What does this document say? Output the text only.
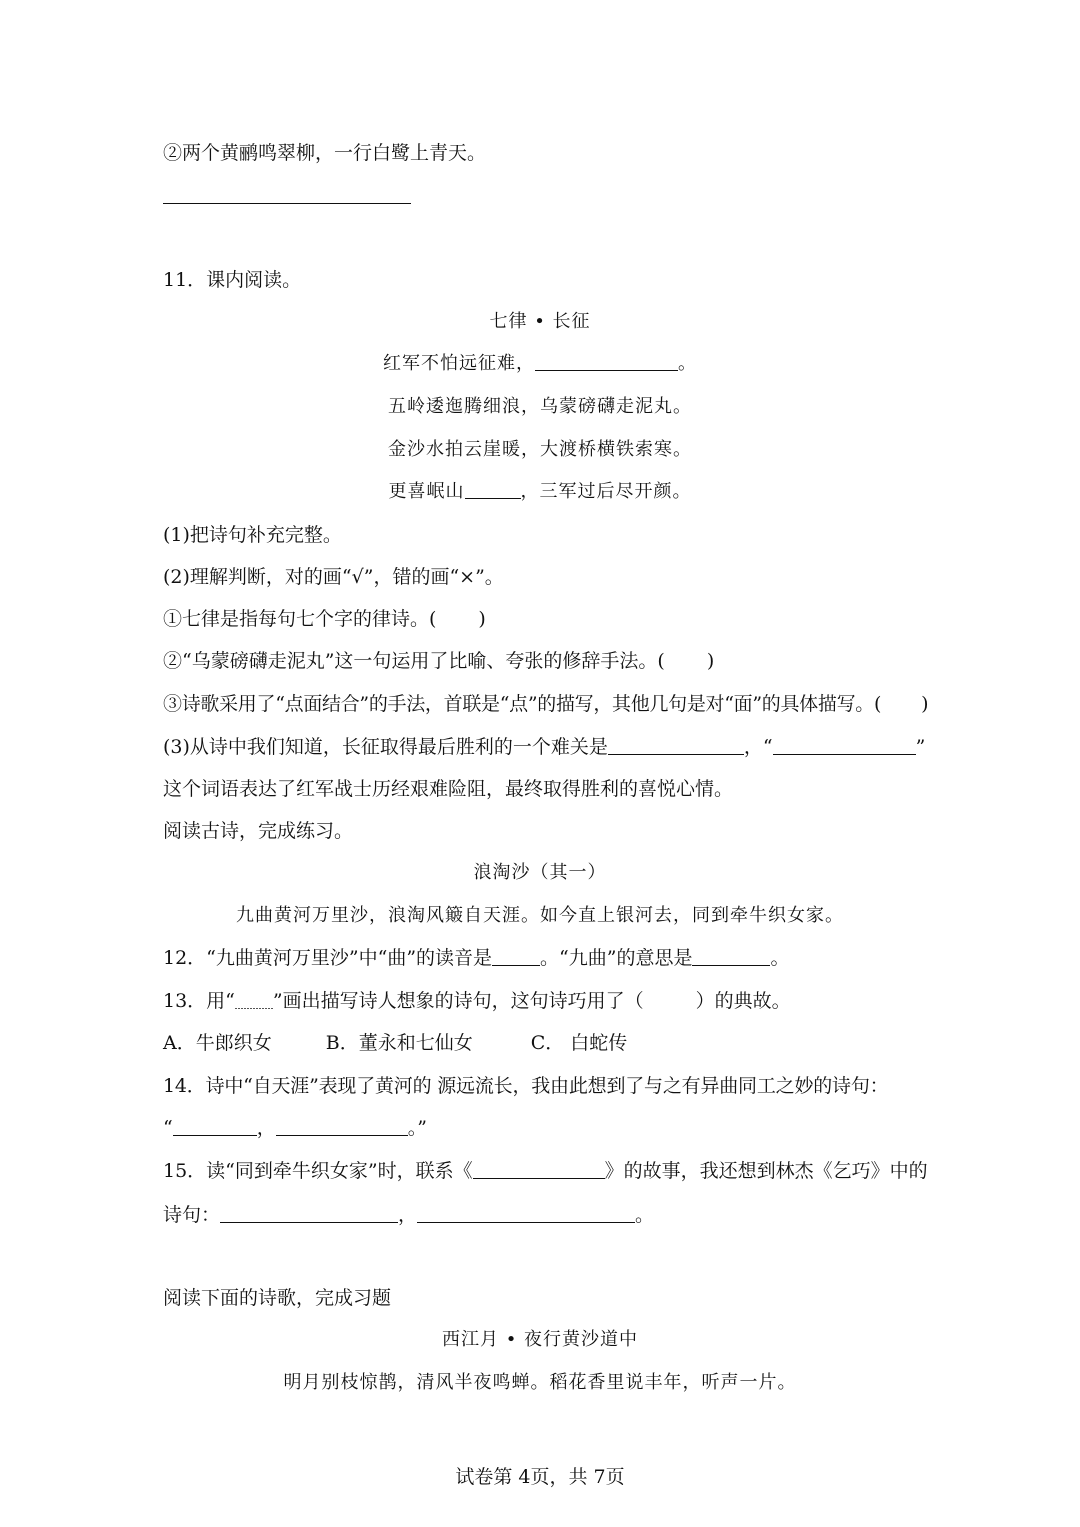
②两个黄鹂鸣翠柳，一行白鹭上青天。
11．课内阅读。
七律 • 长征
红军不怕远征难，	。
五岭逶迤腾细浪，乌蒙磅礴走泥丸。
金沙水拍云崖暖，大渡桥横铁索寒。
更喜岷山	，三军过后尽开颜。
(1)把诗句补充完整。
(2)理解判断，对的画“√”，错的画“×”。
①七律是指每句七个字的律诗。( )
②“乌蒙磅礴走泥丸”这一句运用了比喻、夸张的修辞手法。( )
③诗歌采用了“点面结合”的手法，首联是“点”的描写，其他几句是对“面”的具体描写。( )
(3)从诗中我们知道，长征取得最后胜利的一个难关是	，“	”
这个词语表达了红军战士历经艰难险阻，最终取得胜利的喜悦心情。
阅读古诗，完成练习。
浪淘沙（其一）
九曲黄河万里沙，浪淘风簸自天涯。如今直上银河去，同到牵牛织女家。
12．“九曲黄河万里沙”中“曲”的读音是	。“九曲”的意思是	。
13．用“ ”画出描写诗人想象的诗句，这句诗巧用了（	）的典故。
A．牛郎织女	B．董永和七仙女	C． 白蛇传
14．诗中“自天涯”表现了黄河的 源远流长，我由此想到了与之有异曲同工之妙的诗句：
“	，	。”
15．读“同到牵牛织女家”时，联系《	》的故事，我还想到林杰《乞巧》中的
诗句：	，	。
阅读下面的诗歌，完成习题
西江月 • 夜行黄沙道中
明月别枝惊鹊，清风半夜鸣蝉。稻花香里说丰年，听声一片。
试卷第 4页，共 7页
